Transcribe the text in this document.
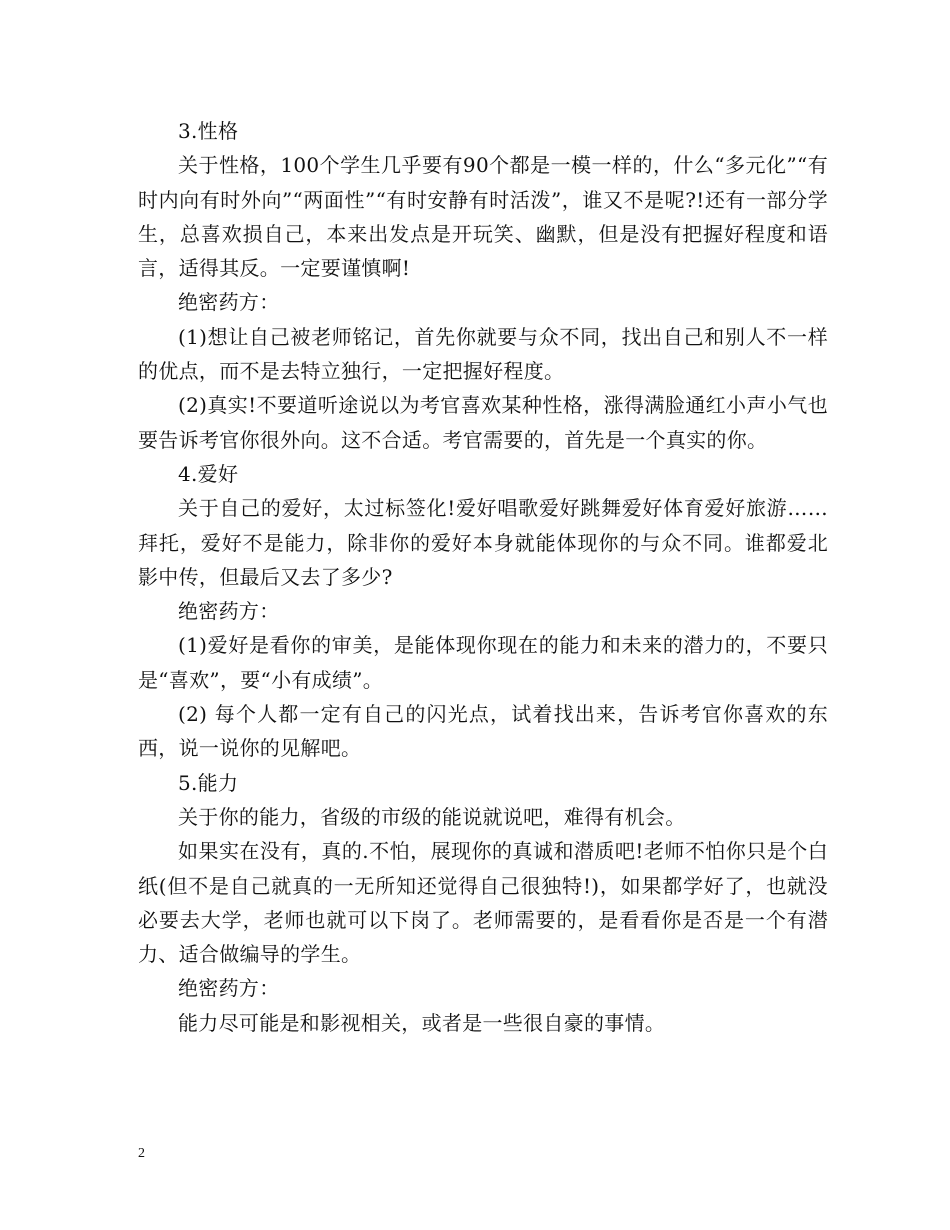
3.性格

关于性格，100个学生几乎要有90个都是一模一样的，什么“多元化”“有时内向有时外向”“两面性”“有时安静有时活泼”，谁又不是呢?!还有一部分学生，总喜欢损自己，本来出发点是开玩笑、幽默，但是没有把握好程度和语言，适得其反。一定要谨慎啊!

绝密药方：

(1)想让自己被老师铭记，首先你就要与众不同，找出自己和别人不一样的优点，而不是去特立独行，一定把握好程度。

(2)真实!不要道听途说以为考官喜欢某种性格，涨得满脸通红小声小气也要告诉考官你很外向。这不合适。考官需要的，首先是一个真实的你。

4.爱好

关于自己的爱好，太过标签化!爱好唱歌爱好跳舞爱好体育爱好旅游……拜托，爱好不是能力，除非你的爱好本身就能体现你的与众不同。谁都爱北影中传，但最后又去了多少?

绝密药方：

(1)爱好是看你的审美，是能体现你现在的能力和未来的潜力的，不要只是“喜欢”，要“小有成绩”。

(2) 每个人都一定有自己的闪光点，试着找出来，告诉考官你喜欢的东西，说一说你的见解吧。

5.能力

关于你的能力，省级的市级的能说就说吧，难得有机会。

如果实在没有，真的.不怕，展现你的真诚和潜质吧!老师不怕你只是个白纸(但不是自己就真的一无所知还觉得自己很独特!)，如果都学好了，也就没必要去大学，老师也就可以下岗了。老师需要的，是看看你是否是一个有潜力、适合做编导的学生。

绝密药方：

能力尽可能是和影视相关，或者是一些很自豪的事情。

2
